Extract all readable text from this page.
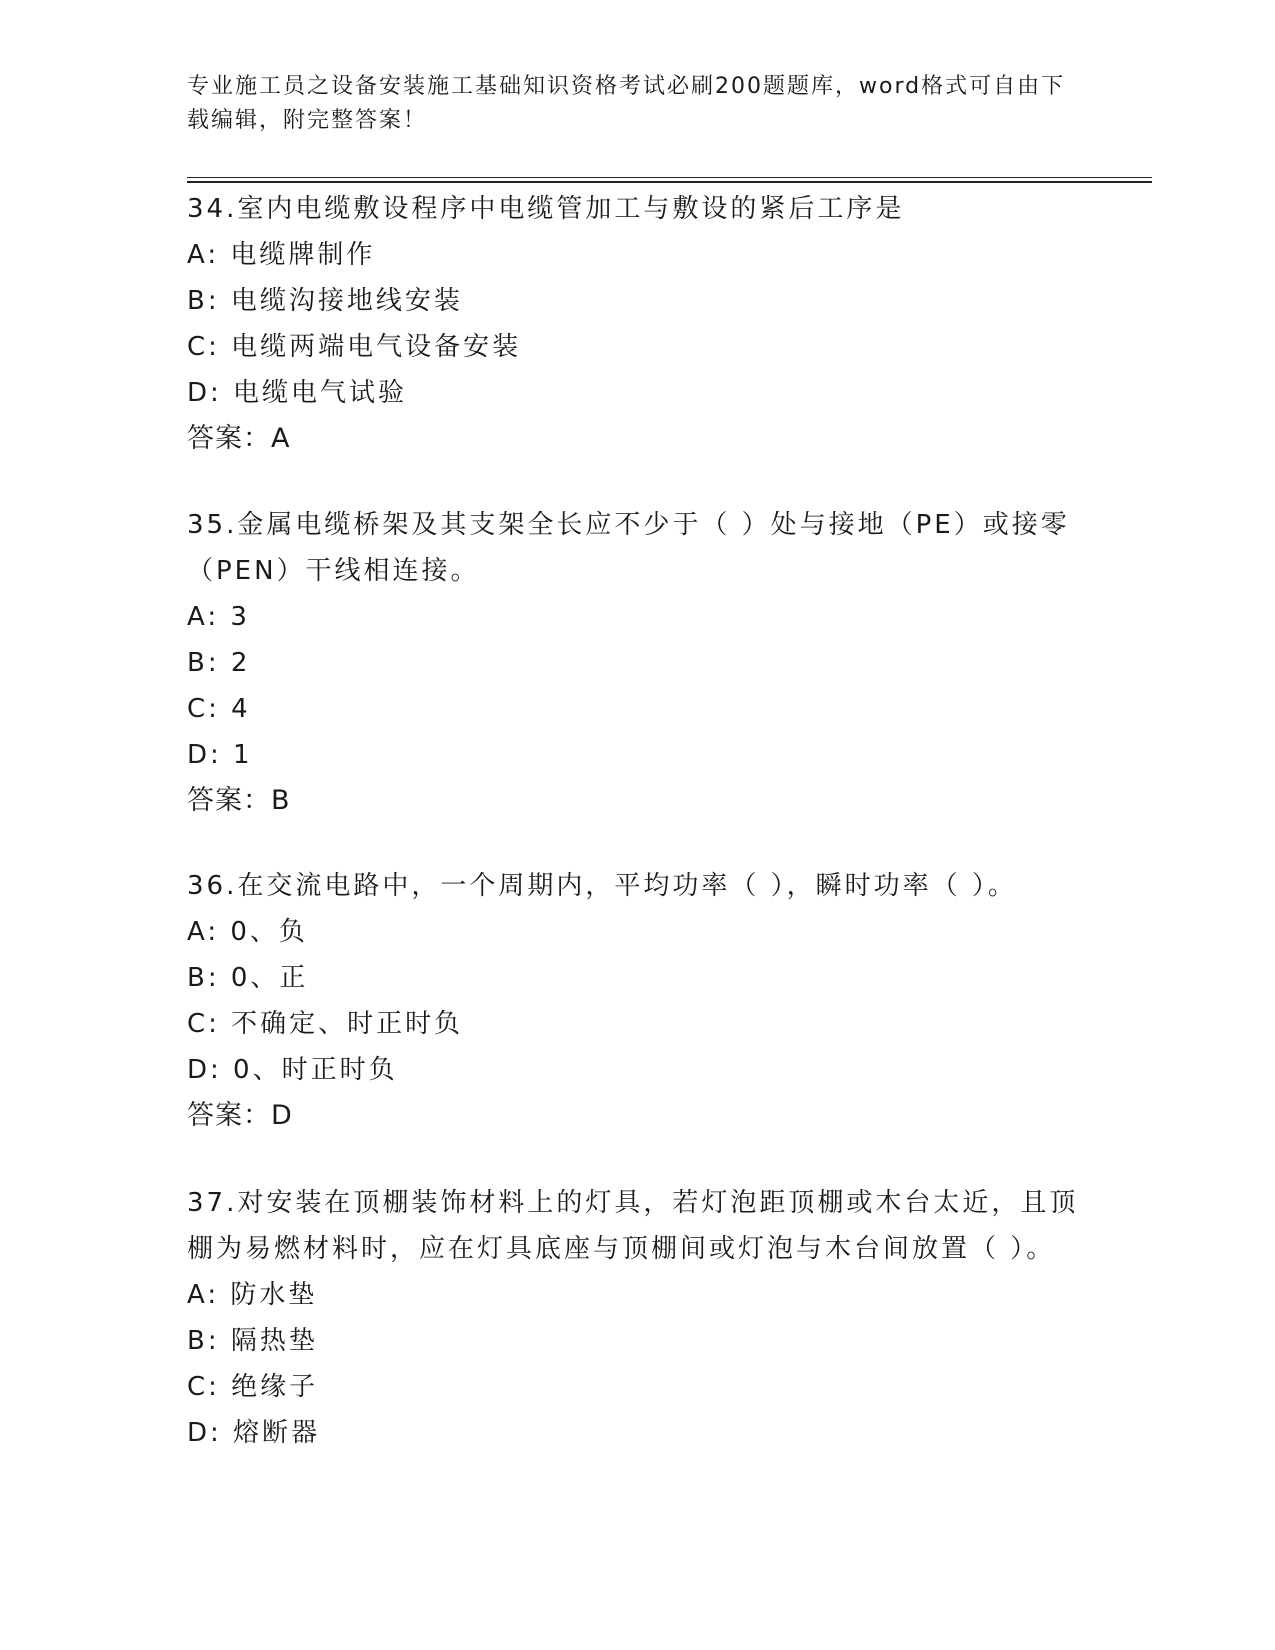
专业施工员之设备安装施工基础知识资格考试必刷200题题库，word格式可自由下载编辑，附完整答案！
34.室内电缆敷设程序中电缆管加工与敷设的紧后工序是
A: 电缆牌制作
B: 电缆沟接地线安装
C: 电缆两端电气设备安装
D: 电缆电气试验
答案：A
35.金属电缆桥架及其支架全长应不少于（ ）处与接地（PE）或接零（PEN）干线相连接。
A: 3
B: 2
C: 4
D: 1
答案：B
36.在交流电路中，一个周期内，平均功率（ ），瞬时功率（ ）。
A: 0、负
B: 0、正
C: 不确定、时正时负
D: 0、时正时负
答案：D
37.对安装在顶棚装饰材料上的灯具，若灯泡距顶棚或木台太近，且顶棚为易燃材料时，应在灯具底座与顶棚间或灯泡与木台间放置（ ）。
A: 防水垫
B: 隔热垫
C: 绝缘子
D: 熔断器
